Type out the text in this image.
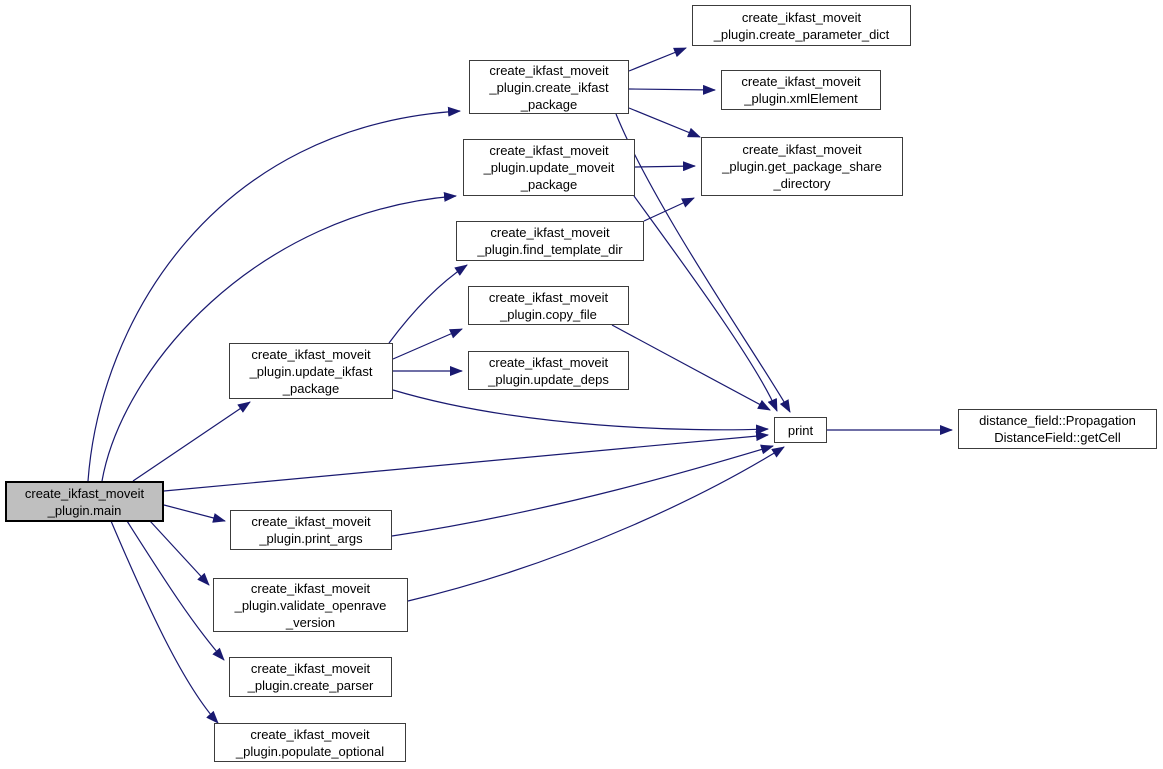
create_ikfast_moveit
_plugin.main
create_ikfast_moveit
_plugin.create_ikfast
_package
create_ikfast_moveit
_plugin.create_parameter_dict
create_ikfast_moveit
_plugin.xmlElement
create_ikfast_moveit
_plugin.update_moveit
_package
create_ikfast_moveit
_plugin.get_package_share
_directory
create_ikfast_moveit
_plugin.find_template_dir
create_ikfast_moveit
_plugin.copy_file
create_ikfast_moveit
_plugin.update_deps
create_ikfast_moveit
_plugin.update_ikfast
_package
print
distance_field::Propagation
DistanceField::getCell
create_ikfast_moveit
_plugin.print_args
create_ikfast_moveit
_plugin.validate_openrave
_version
create_ikfast_moveit
_plugin.create_parser
create_ikfast_moveit
_plugin.populate_optional
